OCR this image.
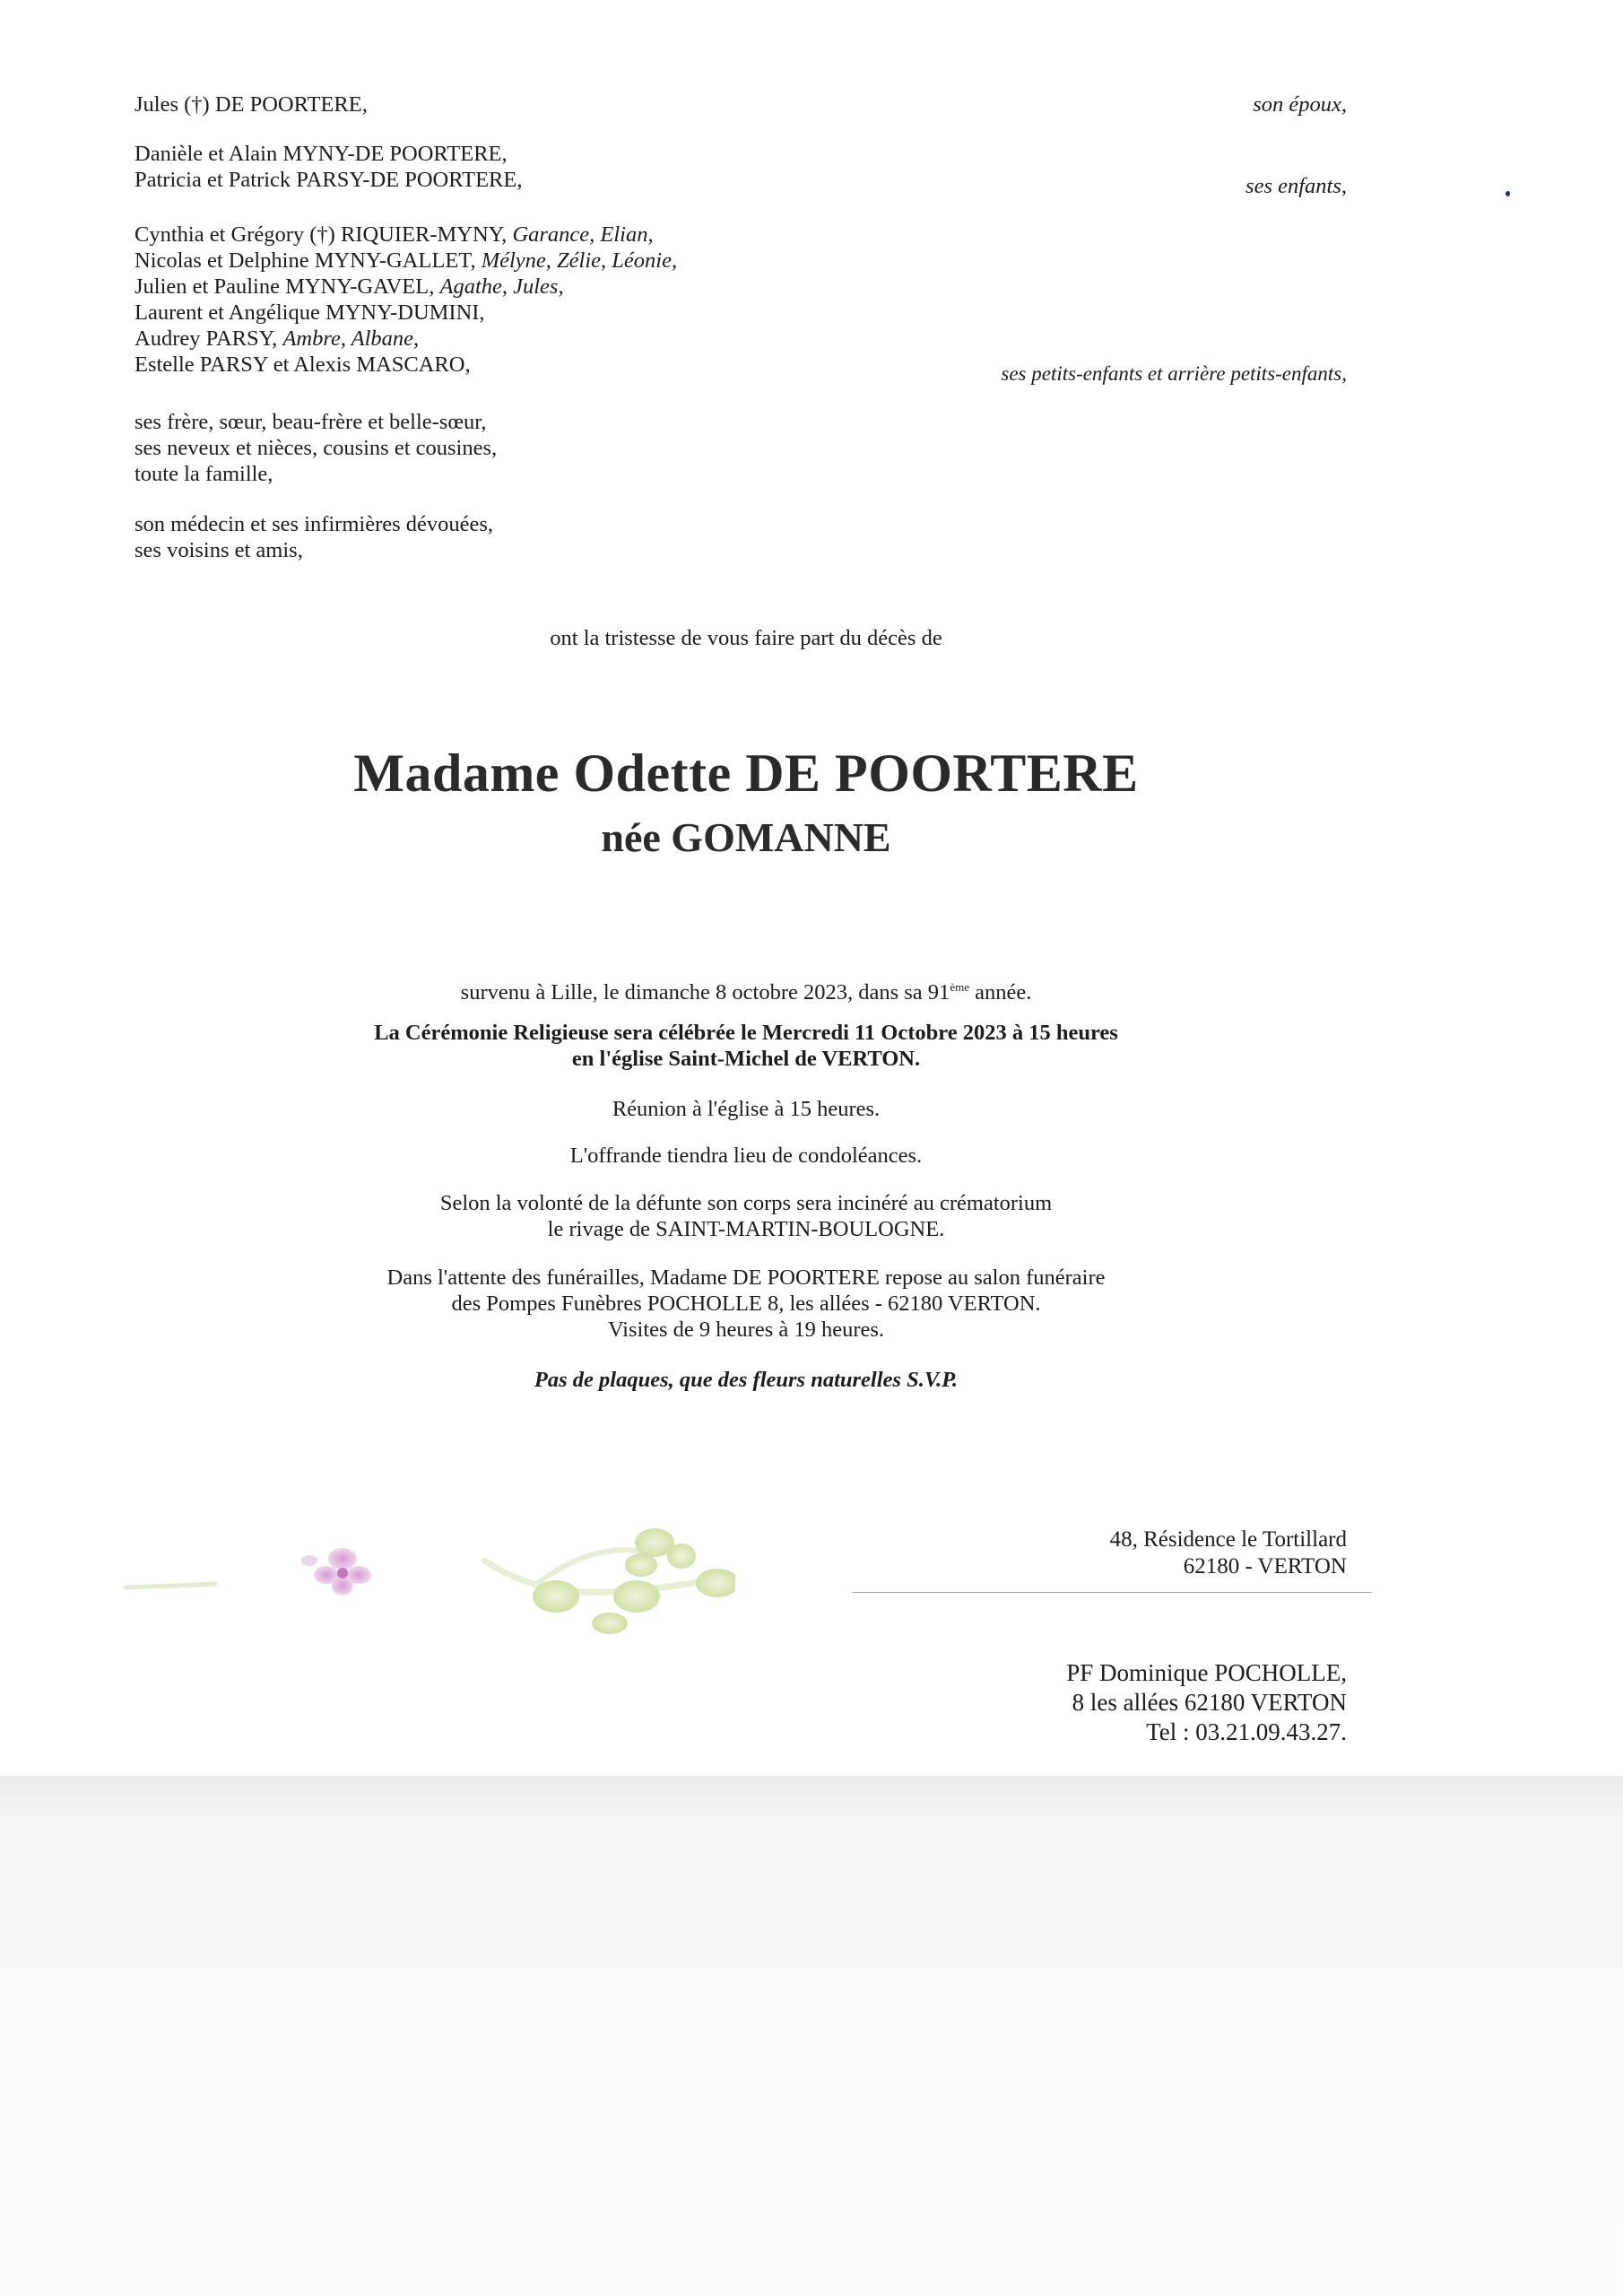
Jules (†) DE POORTERE,	son époux,
Danièle et Alain MYNY-DE POORTERE,
Patricia et Patrick PARSY-DE POORTERE,	ses enfants,
Cynthia et Grégory (†) RIQUIER-MYNY, Garance, Elian,
Nicolas et Delphine MYNY-GALLET, Mélyne, Zélie, Léonie,
Julien et Pauline MYNY-GAVEL, Agathe, Jules,
Laurent et Angélique MYNY-DUMINI,
Audrey PARSY, Ambre, Albane,
Estelle PARSY et Alexis MASCARO,	ses petits-enfants et arrière petits-enfants,
ses frère, sœur, beau-frère et belle-sœur,
ses neveux et nièces, cousins et cousines,
toute la famille,
son médecin et ses infirmières dévouées,
ses voisins et amis,
ont la tristesse de vous faire part du décès de
Madame Odette DE POORTERE
née GOMANNE
survenu à Lille, le dimanche 8 octobre 2023, dans sa 91ème année.
La Cérémonie Religieuse sera célébrée le Mercredi 11 Octobre 2023 à 15 heures
en l'église Saint-Michel de VERTON.
Réunion à l'église à 15 heures.
L'offrande tiendra lieu de condoléances.
Selon la volonté de la défunte son corps sera incinéré au crématorium
le rivage de SAINT-MARTIN-BOULOGNE.
Dans l'attente des funérailles, Madame DE POORTERE repose au salon funéraire
des Pompes Funèbres POCHOLLE 8, les allées - 62180 VERTON.
Visites de 9 heures à 19 heures.
Pas de plaques, que des fleurs naturelles S.V.P.
48, Résidence le Tortillard
62180 - VERTON
PF Dominique POCHOLLE,
8 les allées 62180 VERTON
Tel : 03.21.09.43.27.
